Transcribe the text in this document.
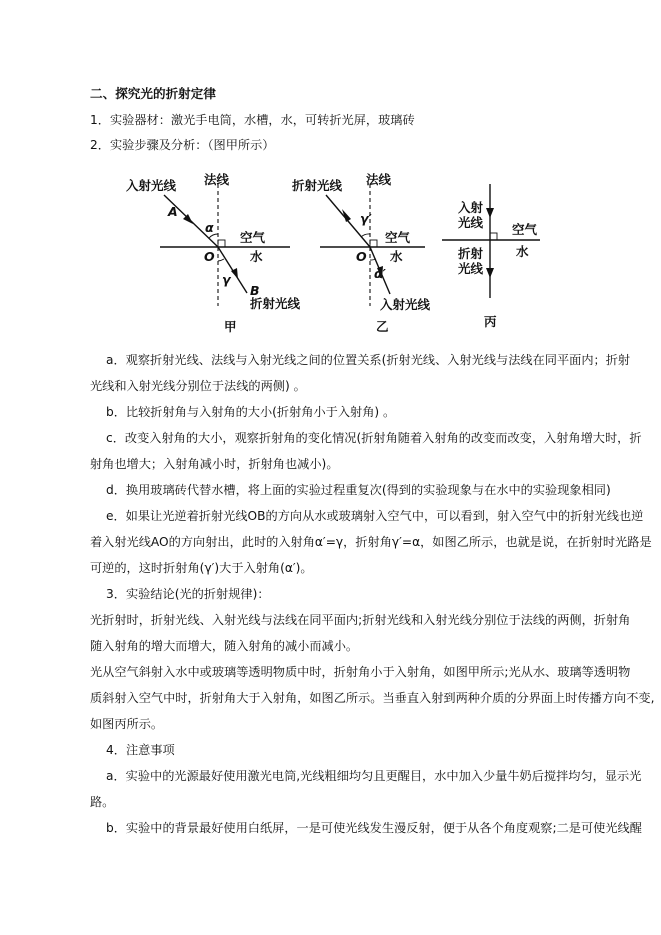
二、探究光的折射定律
1．实验器材：激光手电筒，水槽，水，可转折光屏，玻璃砖
2．实验步骤及分析：（图甲所示）
入射光线 法线
空气
水
折射光线
A
B
O
α
γ
甲
折射光线 法线
空气
水
入射光线
γ′
α′
O
乙
入射
光线 空气
水
折射
光线
丙
a．观察折射光线、法线与入射光线之间的位置关系(折射光线、入射光线与法线在同平面内；折射
光线和入射光线分别位于法线的两侧) 。
b．比较折射角与入射角的大小(折射角小于入射角) 。
c．改变入射角的大小，观察折射角的变化情况(折射角随着入射角的改变而改变，入射角增大时，折
射角也增大；入射角减小时，折射角也减小)。
d．换用玻璃砖代替水槽，将上面的实验过程重复次(得到的实验现象与在水中的实验现象相同)
e．如果让光逆着折射光线OB的方向从水或玻璃射入空气中，可以看到，射入空气中的折射光线也逆
着入射光线AO的方向射出，此时的入射角α′=γ，折射角γ′=α，如图乙所示，也就是说，在折射时光路是
可逆的，这时折射角(γ′)大于入射角(α′)。
3．实验结论(光的折射规律)：
光折射时，折射光线、入射光线与法线在同平面内;折射光线和入射光线分别位于法线的两侧，折射角
随入射角的增大而增大，随入射角的减小而减小。
光从空气斜射入水中或玻璃等透明物质中时，折射角小于入射角，如图甲所示;光从水、玻璃等透明物
质斜射入空气中时，折射角大于入射角，如图乙所示。当垂直入射到两种介质的分界面上时传播方向不变,
如图丙所示。
4．注意事项
a．实验中的光源最好使用激光电筒,光线粗细均匀且更醒目，水中加入少量牛奶后搅拌均匀，显示光
路。
b．实验中的背景最好使用白纸屏，一是可使光线发生漫反射，便于从各个角度观察;二是可使光线醒
